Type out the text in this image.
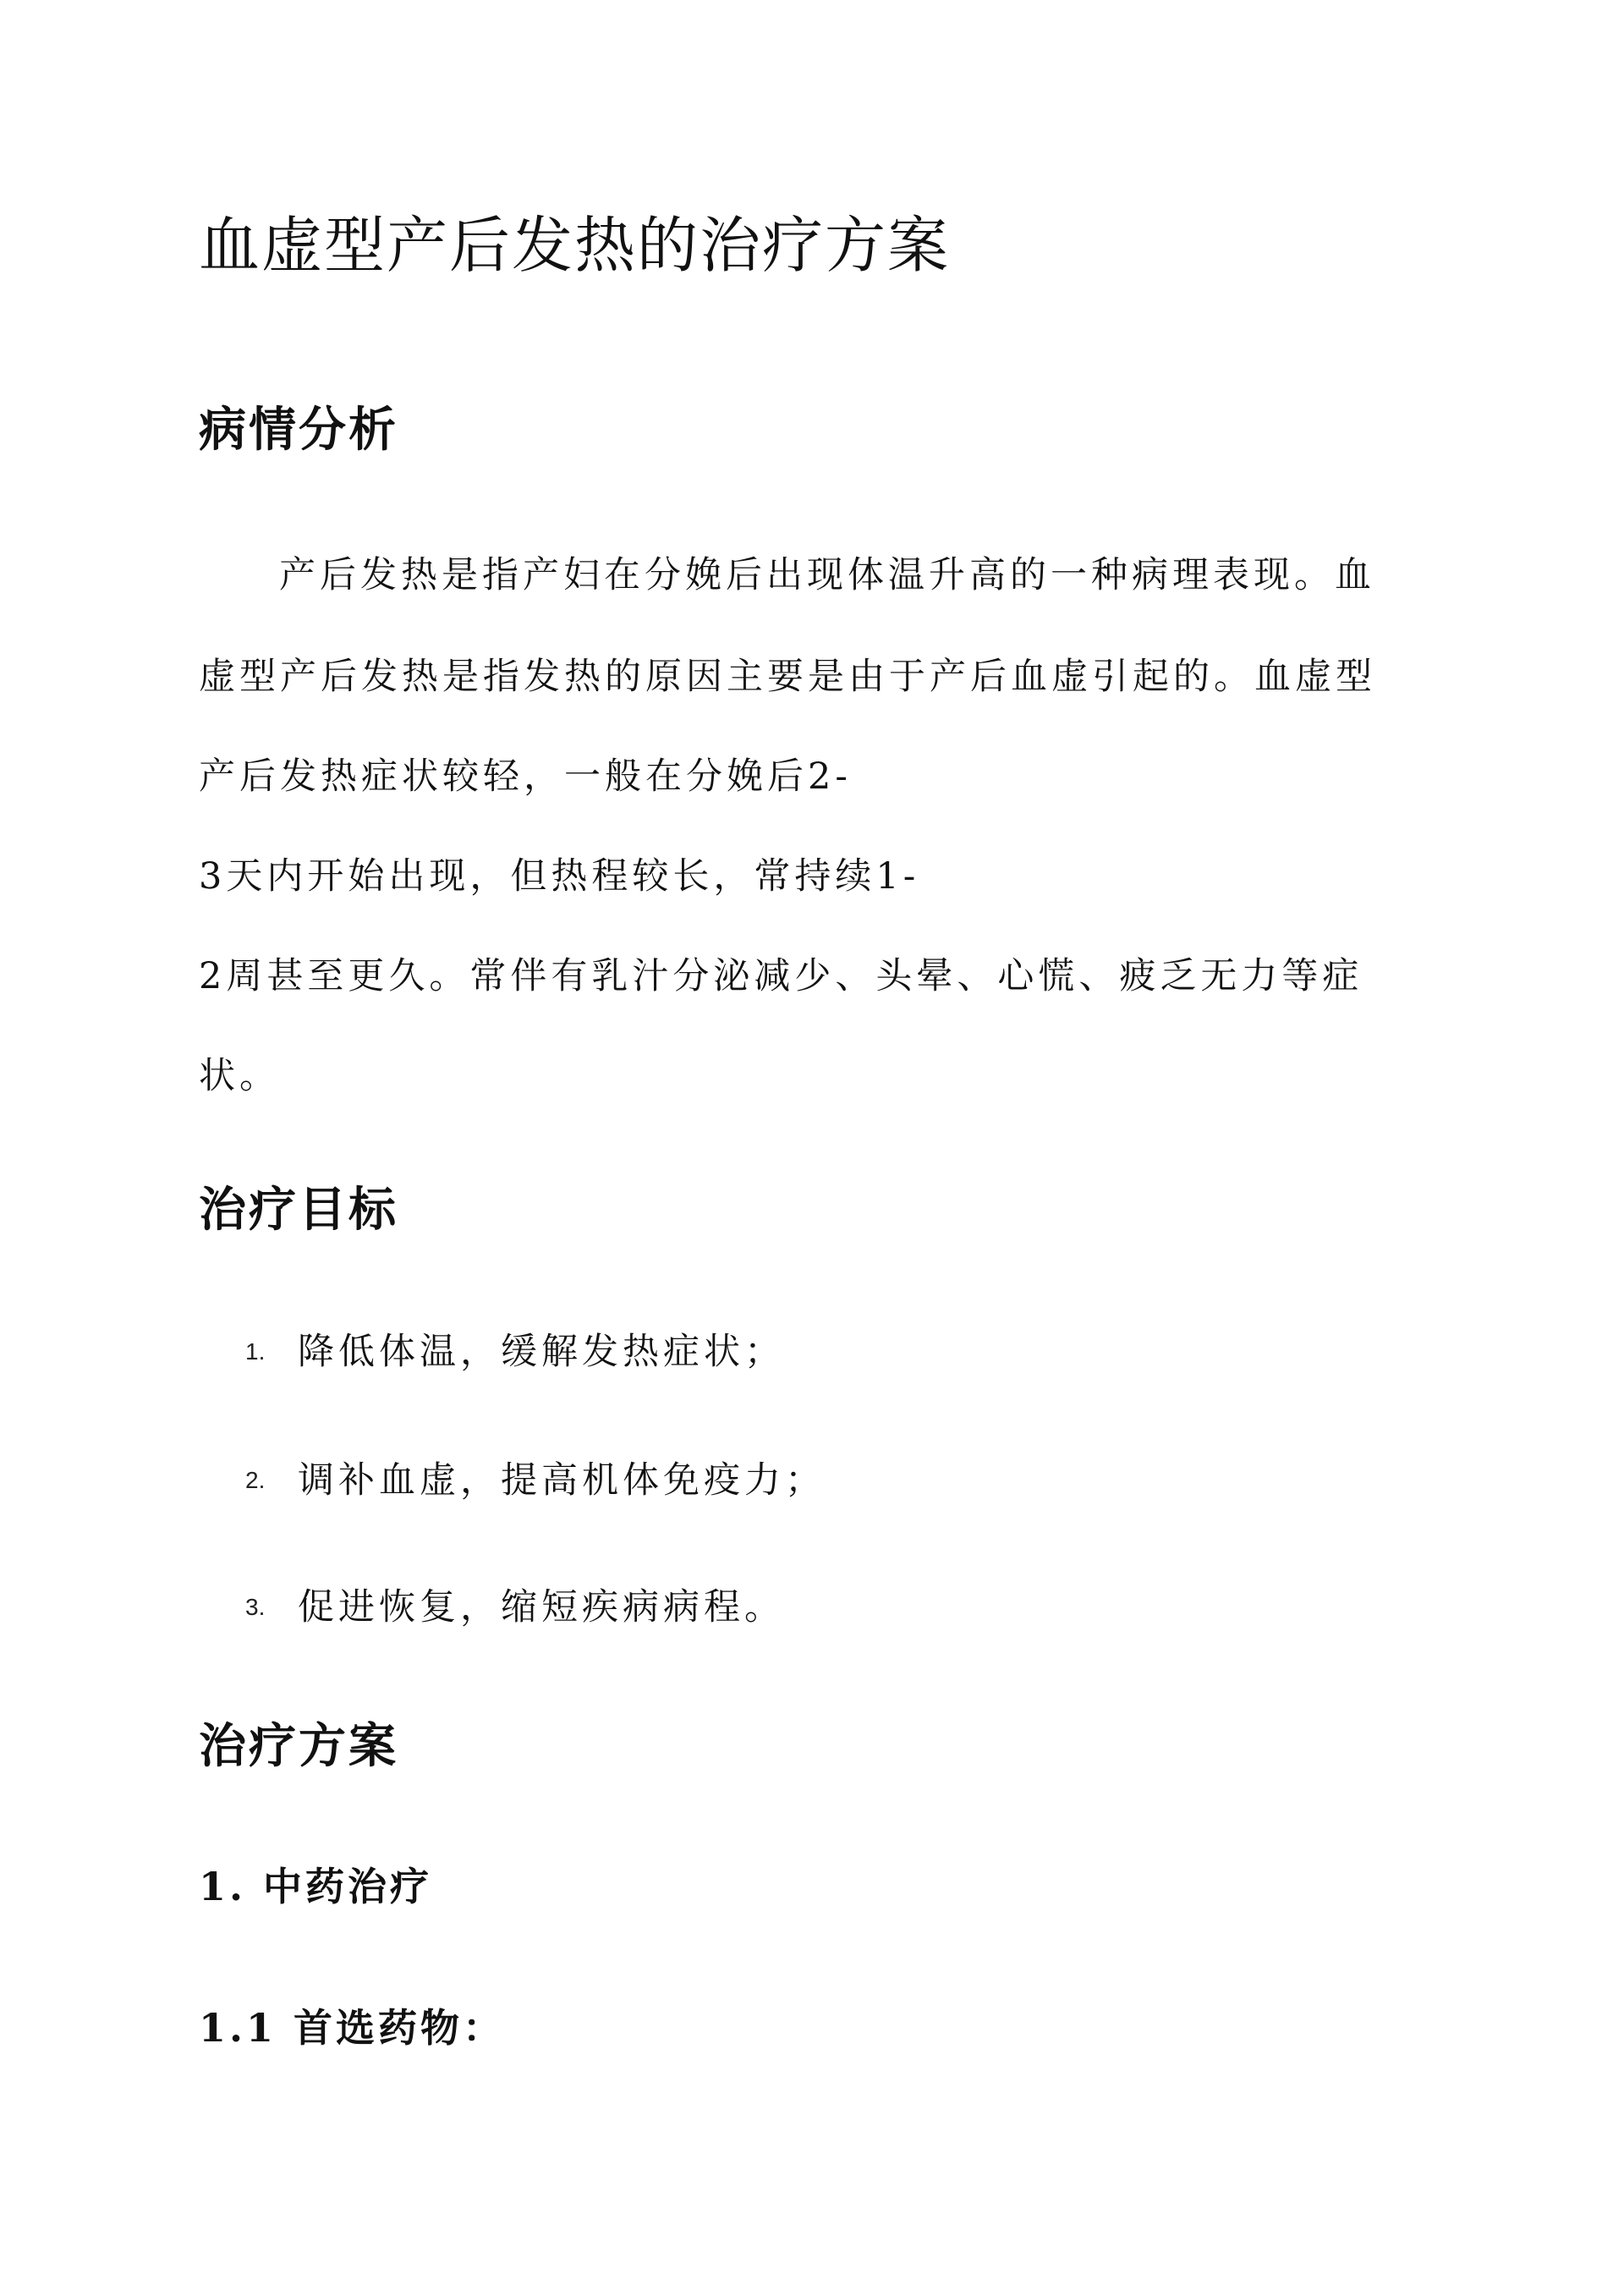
血虚型产后发热的治疗方案
病情分析

产后发热是指产妇在分娩后出现体温升高的一种病理表现。血

虚型产后发热是指发热的原因主要是由于产后血虚引起的。血虚型

产后发热症状较轻，一般在分娩后2-

3天内开始出现，但热程较长，常持续1-

2周甚至更久。常伴有乳汁分泌减少、头晕、心慌、疲乏无力等症

状。

治疗目标
1. 降低体温，缓解发热症状；
2. 调补血虚，提高机体免疫力；
3. 促进恢复，缩短疾病病程。
治疗方案
1. 中药治疗
1.1 首选药物：
